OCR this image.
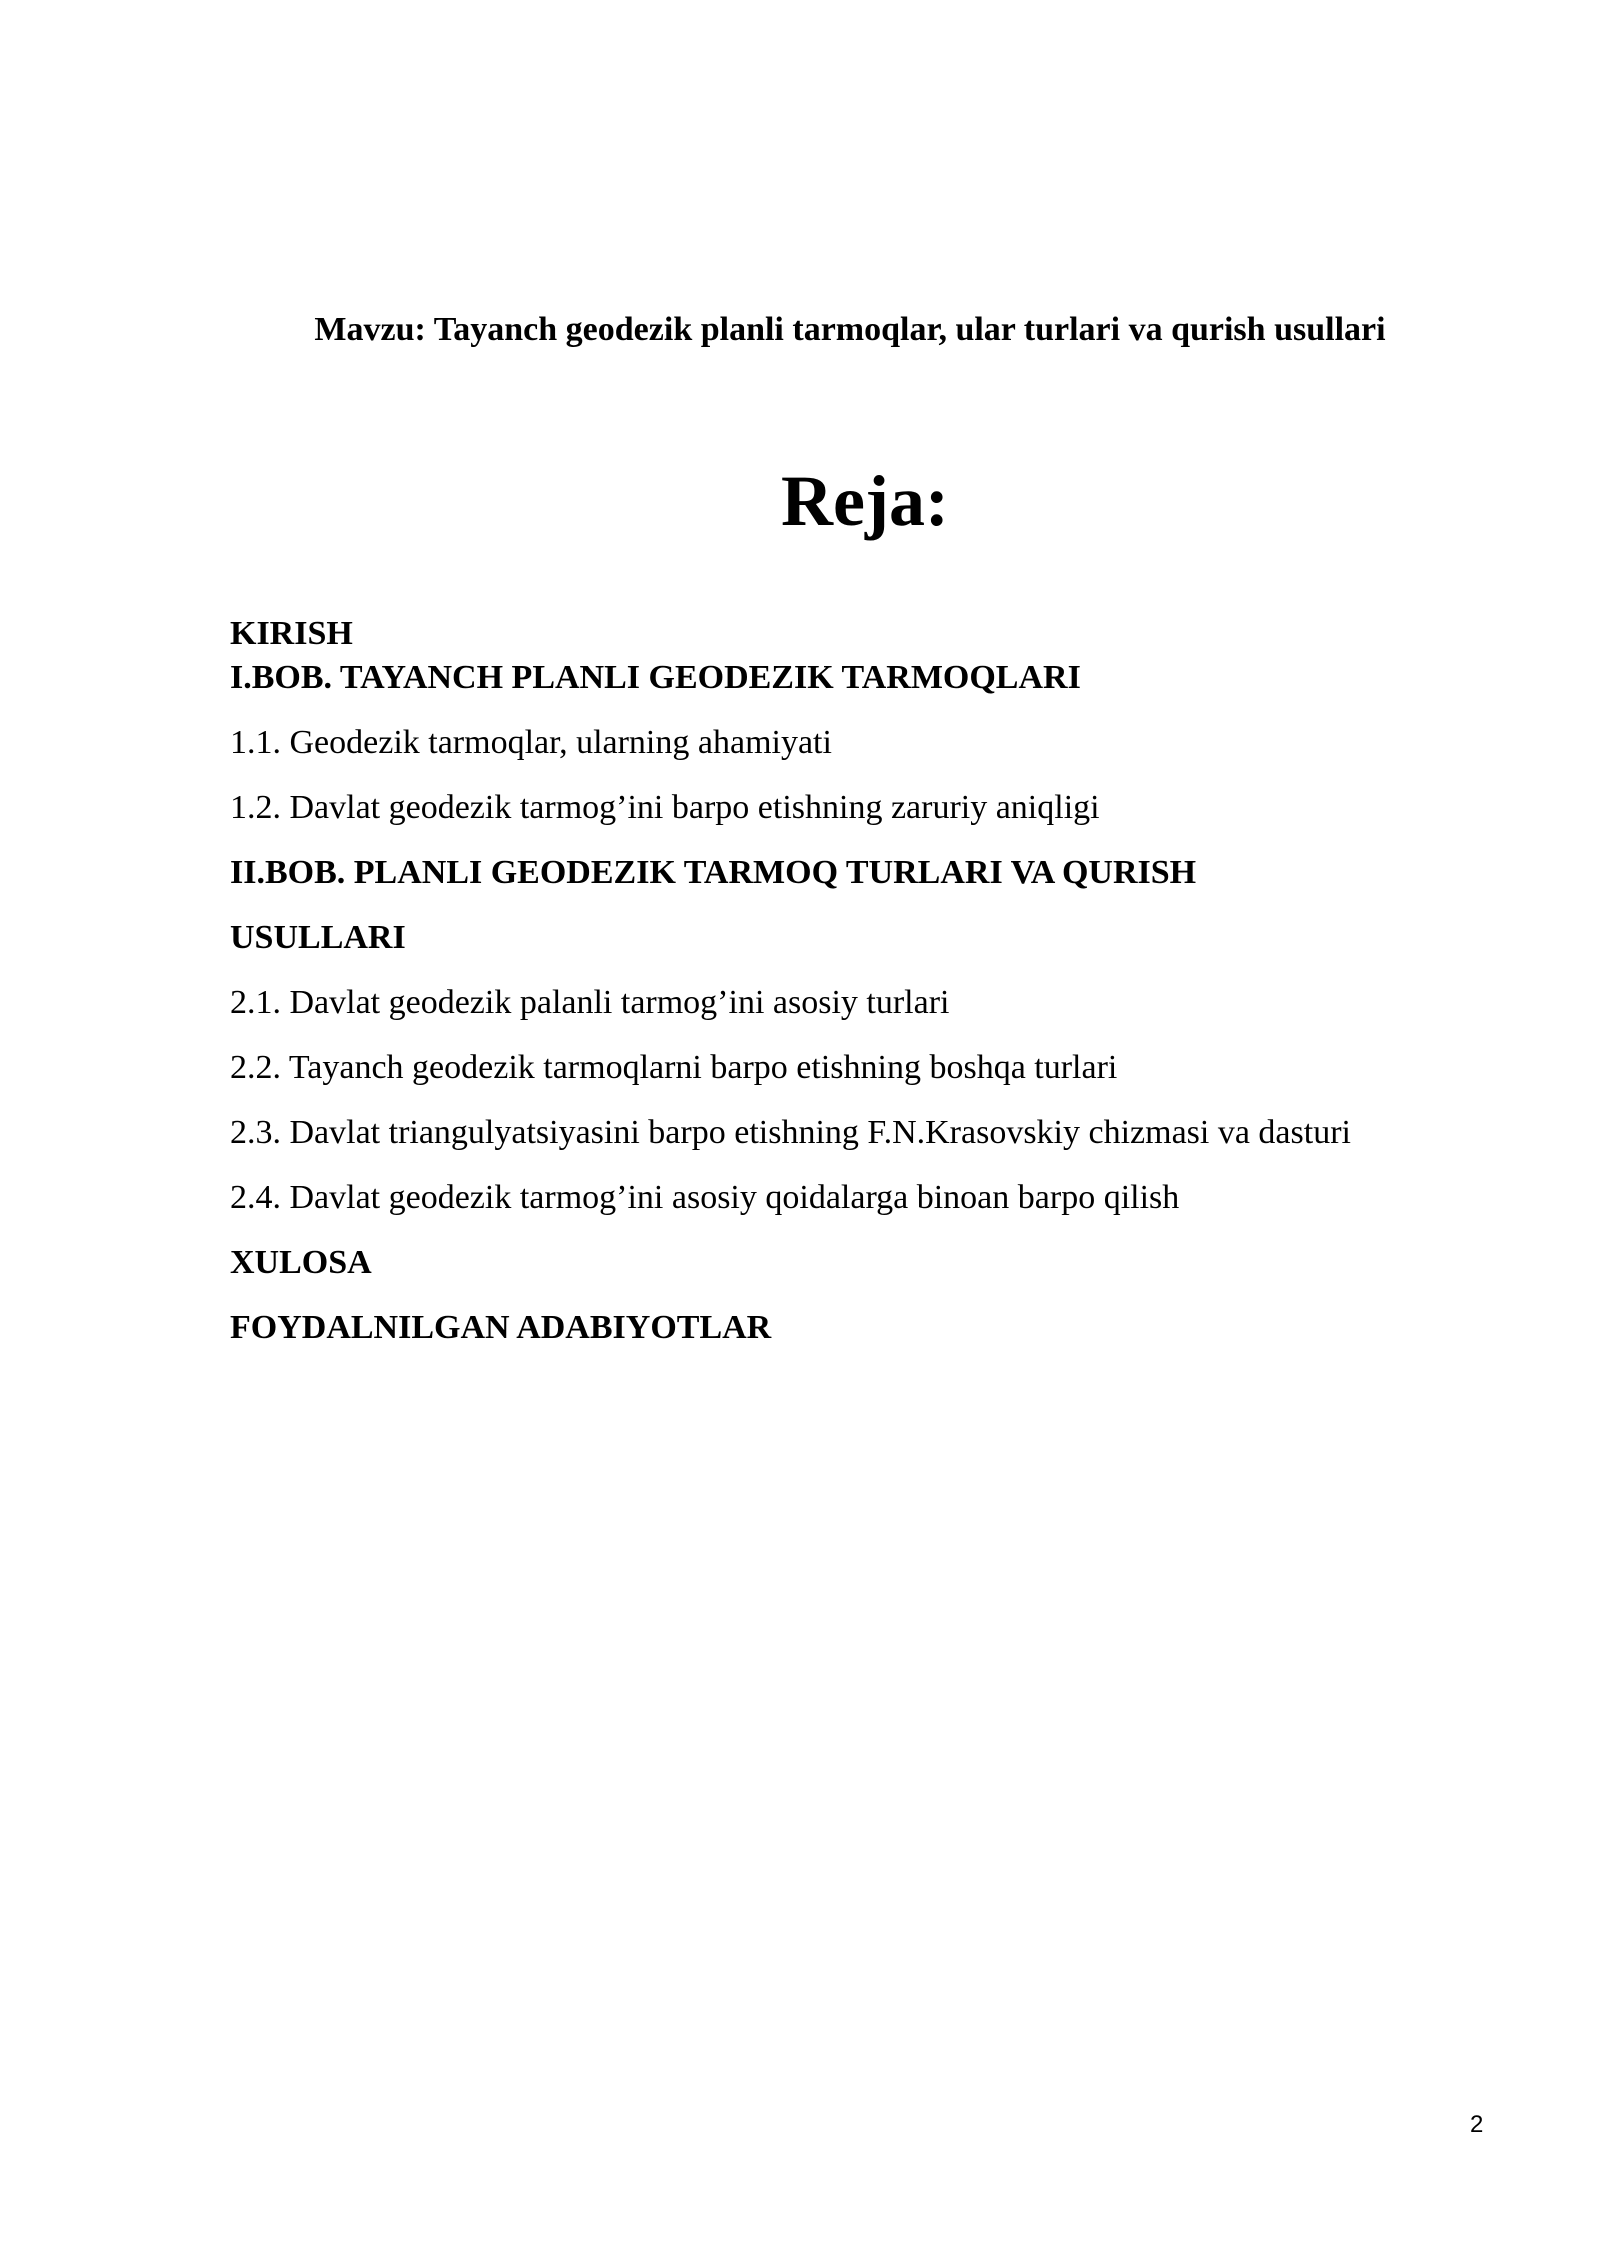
Mavzu: Tayanch geodezik planli tarmoqlar, ular turlari va qurish usullari
Reja:
KIRISH
I.BOB. TAYANCH PLANLI GEODEZIK TARMOQLARI
1.1. Geodezik tarmoqlar, ularning ahamiyati
1.2. Davlat geodezik tarmog’ini barpo etishning zaruriy aniqligi
II.BOB. PLANLI GEODEZIK TARMOQ TURLARI VA QURISH
USULLARI
2.1. Davlat geodezik palanli tarmog’ini asosiy turlari
2.2. Tayanch geodezik tarmoqlarni barpo etishning boshqa turlari
2.3. Davlat triangulyatsiyasini barpo etishning F.N.Krasovskiy chizmasi va dasturi
2.4. Davlat geodezik tarmog’ini asosiy qoidalarga binoan barpo qilish
XULOSA
FOYDALNILGAN ADABIYOTLAR
2
